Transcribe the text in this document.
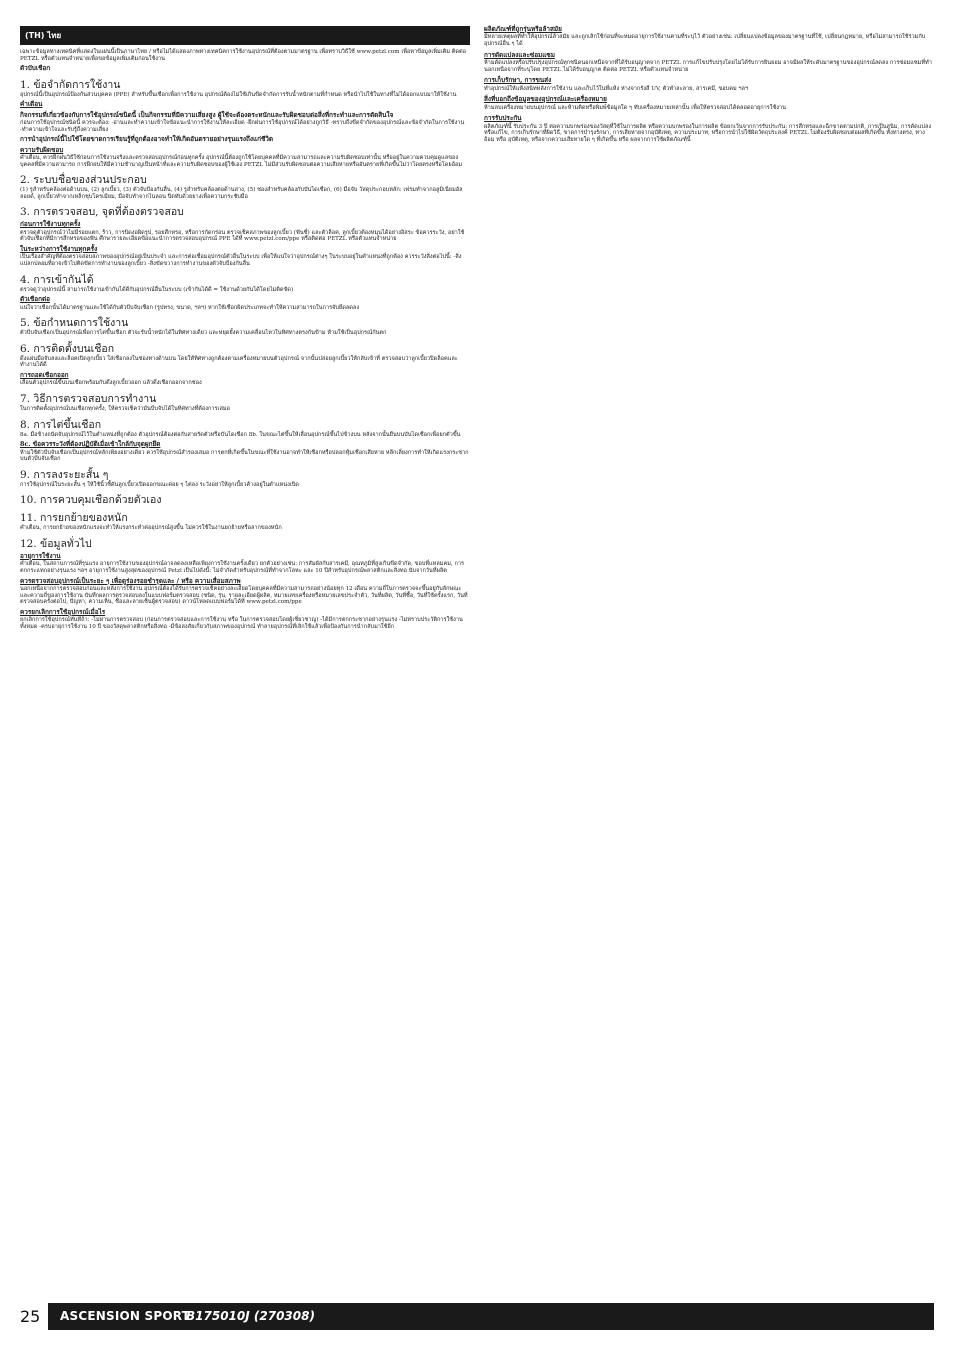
(TH) ไทย

เฉพาะข้อมูลทางเทคนิคที่แสดงในแผ่นนี้เป็นภาษาไทย / หรือไม่ได้แสดงภาพทางเทคนิคการใช้งานอุปกรณ์ที่ต้องตามมาตรฐาน เพื่อทราบวิธีใช้ www.petzl.com เพื่อหาข้อมูลเพิ่มเติม ติดต่อ PETZL หรือตัวแทนจำหน่ายเพื่อขอข้อมูลเพิ่มเติมก่อนใช้งาน

ตัวบับเชือก

1. ข้อจำกัดการใช้งาน

อุปกรณ์นี้เป็นอุปกรณ์ป้องกันส่วนบุคคล (PPE) สำหรับขึ้นเชือกเพื่อการใช้งาน อุปกรณ์ต้องไม่ใช้เกินขีดจำกัดการรับน้ำหนักตามที่กำหนด หรือนำไปใช้ในทางที่ไม่ได้ออกแบบมาให้ใช้งาน

คำเตือน

กิจกรรมที่เกี่ยวข้องกับการใช้อุปกรณ์ชนิดนี้ เป็นกิจกรรมที่มีความเสี่ยงสูง ผู้ใช้จะต้องตระหนักและรับผิดชอบต่อสิ่งที่กระทำและการตัดสินใจ

ก่อนการใช้อุปกรณ์ชนิดนี้ ควรจะต้อง: -อ่านและทำความเข้าใจข้อแนะนำการใช้งานให้ละเอียด -ฝึกฝนการใช้อุปกรณ์ได้อย่างถูกวิธี -ทราบถึงขีดจำกัดของอุปกรณ์และข้อจำกัดในการใช้งาน -ทำความเข้าใจและรับรู้ถึงความเสี่ยง

การนำอุปกรณ์นี้ไปใช้โดยขาดการเรียนรู้ที่ถูกต้องอาจทำให้เกิดอันตรายอย่างรุนแรงถึงแก่ชีวิต

ความรับผิดชอบ

คำเตือน, ควรฝึกฝนวิธีใช้ก่อนการใช้งานจริงและตรวจสอบอุปกรณ์ก่อนทุกครั้ง อุปกรณ์นี้ต้องถูกใช้โดยบุคคลที่มีความสามารถและความรับผิดชอบเท่านั้น หรืออยู่ในความควบคุมดูแลของบุคคลที่มีความสามารถ การฝึกฝนให้มีความชำนาญเป็นหน้าที่และความรับผิดชอบของผู้ใช้เอง PETZL ไม่มีส่วนรับผิดชอบต่อความเสียหายหรืออันตรายที่เกิดขึ้นไม่ว่าโดยตรงหรือโดยอ้อม

2. ระบบชื่อของส่วนประกอบ

(1) รูสำหรับคล้องต่อด้านบน, (2) ลูกเบี้ยว, (3) ตัวจับป้องกันลื่น, (4) รูสำหรับคล้องต่อด้านล่าง, (5) ช่องสำหรับคล้องกับบันไดเชือก, (6) มือจับ วัสดุประกอบหลัก: เฟรมทำจากอลูมิเนียมอัลลอยด์, ลูกเบี้ยวทำจากเหล็กชุบโครเมียม, มือจับทำจากไนลอน ปิดทับด้วยยางเพื่อความกระชับมือ

3. การตรวจสอบ, จุดที่ต้องตรวจสอบ

ก่อนการใช้งานทุกครั้ง

ตรวจดูตัวอุปกรณ์ว่าไม่มีรอยแตก, ร้าว, การบิดงอผิดรูป, รอยสึกหรอ, หรือการกัดกร่อน ตรวจเช็คสภาพของลูกเบี้ยว (ฟันซี่) และตัวล็อค, ลูกเบี้ยวต้องหมุนได้อย่างอิสระ ข้อควรระวัง, อย่าใช้ตัวจับเชือกที่มีการสึกหรอของฟัน ศึกษารายละเอียดข้อแนะนำการตรวจสอบอุปกรณ์ PPE ได้ที่ www.petzl.com/ppe หรือติดต่อ PETZL หรือตัวแทนจำหน่าย

ในระหว่างการใช้งานทุกครั้ง

เป็นเรื่องสำคัญที่ต้องตรวจสอบสภาพของอุปกรณ์อยู่เป็นประจำ และการต่อเชื่อมอุปกรณ์ตัวอื่นในระบบ เพื่อให้แน่ใจว่าอุปกรณ์ต่างๆ ในระบบอยู่ในตำแหน่งที่ถูกต้อง ควรระวังสิ่งต่อไปนี้: -สิ่งแปลกปลอมที่อาจเข้าไปติดขัดการทำงานของลูกเบี้ยว -สิ่งขัดขวางการทำงานของตัวจับป้องกันลื่น

4. การเข้ากันได้

ตรวจดูว่าอุปกรณ์นี้ สามารถใช้งานเข้ากันได้ดีกับอุปกรณ์อื่นในระบบ (เข้ากันได้ดี = ใช้งานด้วยกันได้โดยไม่ติดขัด)

ตัวเชือกต่อ

แน่ใจว่าเชือกนั้นได้มาตรฐานและใช้ได้กับตัวบีบจับเชือก (รูปทรง, ขนาด, ฯลฯ) หากใช้เชือกผิดประเภทจะทำให้ความสามารถในการจับยึดลดลง

5. ข้อกำหนดการใช้งาน

ตัวบีบจับเชือกเป็นอุปกรณ์เพื่อการไต่ขึ้นเชือก ตัวจะรับน้ำหนักได้ในทิศทางเดียว และหยุดยั้งความเคลื่อนไหวในทิศทางตรงกันข้าม ห้ามใช้เป็นอุปกรณ์กันตก

6. การติดตั้งบนเชือก

ดึงแผ่นมือจับลงและล็อคเปิดลูกเบี้ยว ใส่เชือกลงในช่องทางด้านบน โดยให้ทิศทางถูกต้องตามเครื่องหมายบนตัวอุปกรณ์ จากนั้นปล่อยลูกเบี้ยวให้กลับเข้าที่ ตรวจสอบว่าลูกเบี้ยวปิดล็อคและทำงานได้ดี

การถอดเชือกออก

เลื่อนตัวอุปกรณ์ขึ้นบนเชือกพร้อมกับดึงลูกเบี้ยวออก แล้วดึงเชือกออกจากช่อง

7. วิธีการตรวจสอบการทำงาน

ในการติดตั้งอุปกรณ์บนเชือกทุกครั้ง, ให้ตรวจเช็คว่ามันบีบจับได้ในทิศทางที่ต้องการเสมอ

8. การไต่ขึ้นเชือก

8a. มือข้างถนัดจับอุปกรณ์ไว้ในตำแหน่งที่ถูกต้อง ตัวอุปกรณ์ต้องต่อกับสายรัดตัวหรือบันไดเชือก 8b. ในขณะไต่ขึ้นให้เลื่อนอุปกรณ์ขึ้นไปข้างบน หลังจากนั้นยืนบนบันไดเชือกเพื่อยกตัวขึ้น

8c. ข้อควรระวังที่ต้องปฏิบัติเมื่อเข้าใกล้กับจุดผูกยึด

ห้ามใช้ตัวบีบจับเชือกเป็นอุปกรณ์หลักเพียงอย่างเดียว ควรใช้อุปกรณ์สำรองเสมอ การตกที่เกิดขึ้นในขณะที่ใช้งานอาจทำให้เชือกหรือปลอกหุ้มเชือกเสียหาย หลีกเลี่ยงการทำให้เกิดแรงกระชากบนตัวบีบจับเชือก

9. การลงระยะสั้น ๆ

การใช้อุปกรณ์ในระยะสั้น ๆ ให้ใช้นิ้วชี้ดันลูกเบี้ยวเปิดออกขณะค่อย ๆ ไต่ลง ระวังอย่าให้ลูกเบี้ยวค้างอยู่ในตำแหน่งเปิด

10. การควบคุมเชือกด้วยตัวเอง
11. การยกย้ายของหนัก

คำเตือน, การยกย้ายของหนักแรงจะทำให้แรงกระทำต่ออุปกรณ์สูงขึ้น ไม่ควรใช้ในงานยกย้ายหรือลากของหนัก

12. ข้อมูลทั่วไป

อายุการใช้งาน

คำเตือน, ในสถานการณ์ที่รุนแรง อายุการใช้งานของอุปกรณ์อาจลดลงเหลือเพียงการใช้งานครั้งเดียว ยกตัวอย่างเช่น: การสัมผัสกับสารเคมี, อุณหภูมิที่สูงเกินขีดจำกัด, ขอบที่แหลมคม, การตกกระแทกอย่างรุนแรง ฯลฯ อายุการใช้งานสูงสุดของอุปกรณ์ Petzl เป็นไปดังนี้: ไม่จำกัดสำหรับอุปกรณ์ที่ทำจากโลหะ และ 10 ปีสำหรับอุปกรณ์พลาสติกและสิ่งทอ นับจากวันที่ผลิต

ควรตรวจสอบอุปกรณ์เป็นระยะ ๆ เพื่อดูร่องรอยชำรุดและ / หรือ ความเสื่อมสภาพ

นอกเหนือจากการตรวจสอบก่อนและหลังการใช้งาน อุปกรณ์ต้องได้รับการตรวจเช็คอย่างละเอียดโดยบุคคลที่มีความสามารถอย่างน้อยทุก 12 เดือน ความถี่ในการตรวจจะขึ้นอยู่กับลักษณะและความถี่ของการใช้งาน บันทึกผลการตรวจสอบลงในแบบฟอร์มตรวจสอบ (ชนิด, รุ่น, รายละเอียดผู้ผลิต, หมายเลขเครื่องหรือหมายเลขประจำตัว, วันที่ผลิต, วันที่ซื้อ, วันที่ใช้ครั้งแรก, วันที่ตรวจสอบครั้งต่อไป, ปัญหา, ความเห็น, ชื่อและลายเซ็นผู้ตรวจสอบ) ดาวน์โหลดแบบฟอร์มได้ที่ www.petzl.com/ppe

ควรยกเลิกการใช้อุปกรณ์เมื่อไร

ยกเลิกการใช้อุปกรณ์ทันทีถ้า: -ไม่ผ่านการตรวจสอบ (ก่อนการตรวจสอบและการใช้งาน หรือ ในการตรวจสอบโดยผู้เชี่ยวชาญ) -ได้มีการตกกระชากอย่างรุนแรง -ไม่ทราบประวัติการใช้งานทั้งหมด -ครบอายุการใช้งาน 10 ปี ของวัสดุพลาสติกหรือสิ่งทอ -มีข้อสงสัยเกี่ยวกับสภาพของอุปกรณ์ ทำลายอุปกรณ์ที่เลิกใช้แล้วเพื่อป้องกันการนำกลับมาใช้อีก

ผลิตภัณฑ์ที่ถูกรุ่นหรือล้าสมัย

มีหลายเหตุผลที่ทำให้อุปกรณ์ล้าสมัย และถูกเลิกใช้ก่อนที่จะหมดอายุการใช้งานตามที่ระบุไว้ ตัวอย่างเช่น: เปลี่ยนแปลงข้อมูลของมาตรฐานที่ใช้, เปลี่ยนกฎหมาย, หรือไม่สามารถใช้ร่วมกับอุปกรณ์อื่น ๆ ได้

การดัดแปลงและซ่อมแซม

ห้ามดัดแปลงหรือปรับปรุงอุปกรณ์ทุกชนิดนอกเหนือจากที่ได้รับอนุญาตจาก PETZL การแก้ไขปรับปรุงโดยไม่ได้รับการยินยอม อาจมีผลให้ระดับมาตรฐานของอุปกรณ์ลดลง การซ่อมแซมที่ทำนอกเหนือจากที่ระบุโดย PETZL ไม่ได้รับอนุญาต ติดต่อ PETZL หรือตัวแทนจำหน่าย

การเก็บรักษา, การขนส่ง

ทำอุปกรณ์ให้แห้งสนิทหลังการใช้งาน และเก็บไว้ในที่แห้ง ห่างจากรังสี UV, ตัวทำละลาย, สารเคมี, ขอบคม ฯลฯ

สิ่งที่บอกถึงข้อมูลของอุปกรณ์และเครื่องหมาย

ห้ามลบเครื่องหมายบนอุปกรณ์ และห้ามติดหรือพิมพ์ข้อมูลใด ๆ ทับเครื่องหมายเหล่านั้น เพื่อให้ตรวจสอบได้ตลอดอายุการใช้งาน

การรับประกัน

ผลิตภัณฑ์นี้ รับประกัน 3 ปี ต่อความบกพร่องของวัสดุที่ใช้ในการผลิต หรือความบกพร่องในการผลิต ข้อยกเว้นจากการรับประกัน: การสึกหรอและฉีกขาดตามปกติ, การเป็นสนิม, การดัดแปลงหรือแก้ไข, การเก็บรักษาที่ผิดวิธี, ขาดการบำรุงรักษา, การเสียหายจากอุบัติเหตุ, ความประมาท, หรือการนำไปใช้ผิดวัตถุประสงค์ PETZL ไม่ต้องรับผิดชอบต่อผลที่เกิดขึ้น ทั้งทางตรง, ทางอ้อม หรือ อุบัติเหตุ, หรือจากความเสียหายใด ๆ ที่เกิดขึ้น หรือ ผลจากการใช้ผลิตภัณฑ์นี้

25	ASCENSION SPORT
B175010J (270308)
